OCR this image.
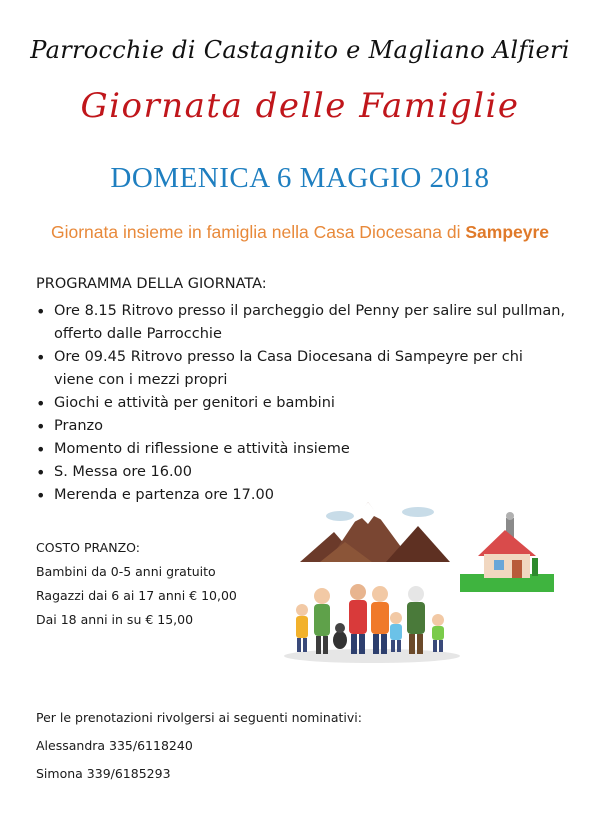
Parrocchie di Castagnito e Magliano Alfieri
Giornata delle Famiglie
DOMENICA 6 MAGGIO 2018
Giornata insieme in famiglia nella Casa Diocesana di Sampeyre
PROGRAMMA DELLA GIORNATA:
• Ore 8.15 Ritrovo presso il parcheggio del Penny per salire sul pullman, offerto dalle Parrocchie
• Ore 09.45 Ritrovo presso la Casa Diocesana di Sampeyre per chi viene con i mezzi propri
• Giochi e attività per genitori e bambini
• Pranzo
• Momento di riflessione e attività insieme
• S. Messa ore 16.00
• Merenda e partenza ore 17.00
COSTO PRANZO:
Bambini da 0-5 anni gratuito
Ragazzi dai 6 ai 17 anni € 10,00
Dai 18 anni in su € 15,00
Per le prenotazioni rivolgersi ai seguenti nominativi:
Alessandra 335/6118240
Simona 339/6185293
